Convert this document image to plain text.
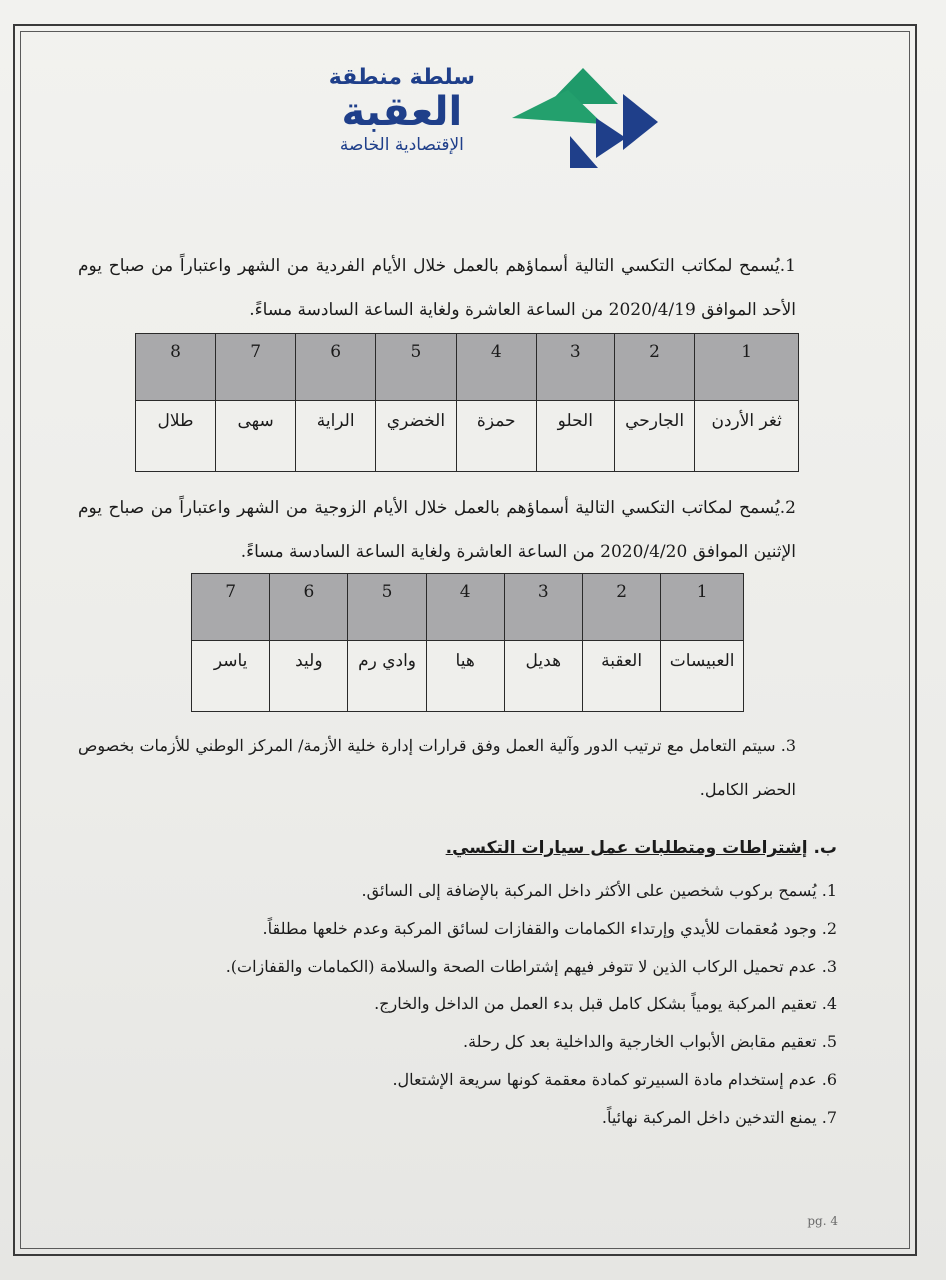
سلطة منطقة
العقبة
الإقتصادية الخاصة
1.يُسمح لمكاتب التكسي التالية أسماؤهم بالعمل خلال الأيام الفردية من الشهر واعتباراً من صباح يوم الأحد الموافق 2020/4/19 من الساعة العاشرة ولغاية الساعة السادسة مساءً.
1	2	3	4	5	6	7	8
ثغر الأردن	الجارحي	الحلو	حمزة	الخضري	الراية	سهى	طلال
2.يُسمح لمكاتب التكسي التالية أسماؤهم بالعمل خلال الأيام الزوجية من الشهر واعتباراً من صباح يوم الإثنين الموافق 2020/4/20 من الساعة العاشرة ولغاية الساعة السادسة مساءً.
1	2	3	4	5	6	7
العبيسات	العقبة	هديل	هيا	وادي رم	وليد	ياسر
3. سيتم التعامل مع ترتيب الدور وآلية العمل وفق قرارات إدارة خلية الأزمة/ المركز الوطني للأزمات بخصوص الحضر الكامل.
ب. إشتراطات ومتطلبات عمل سيارات التكسي.
1. يُسمح بركوب شخصين على الأكثر داخل المركبة بالإضافة إلى السائق.
2. وجود مُعقمات للأيدي وإرتداء الكمامات والقفازات لسائق المركبة وعدم خلعها مطلقاً.
3. عدم تحميل الركاب الذين لا تتوفر فيهم إشتراطات الصحة والسلامة (الكمامات والقفازات).
4. تعقيم المركبة يومياً بشكل كامل قبل بدء العمل من الداخل والخارج.
5. تعقيم مقابض الأبواب الخارجية والداخلية بعد كل رحلة.
6. عدم إستخدام مادة السبيرتو كمادة معقمة كونها سريعة الإشتعال.
7. يمنع التدخين داخل المركبة نهائياً.
pg. 4
